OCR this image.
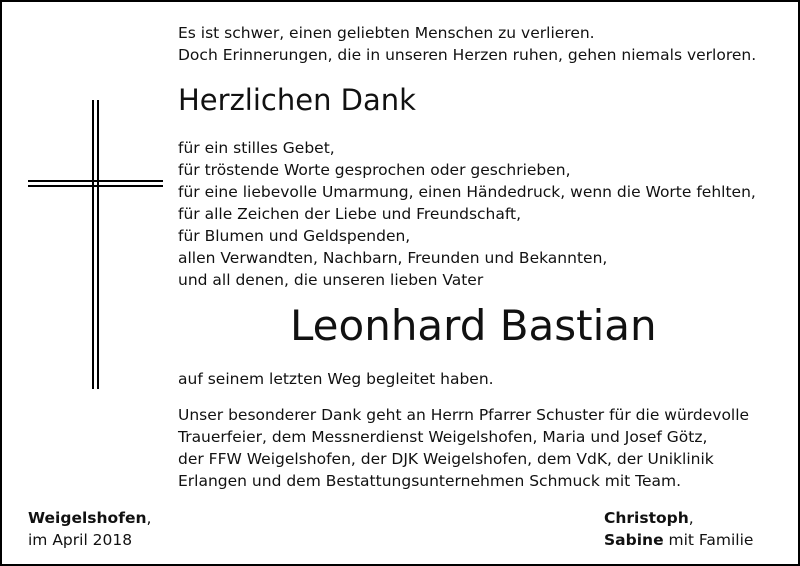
Es ist schwer, einen geliebten Menschen zu verlieren.
Doch Erinnerungen, die in unseren Herzen ruhen, gehen niemals verloren.
Herzlichen Dank
für ein stilles Gebet,
für tröstende Worte gesprochen oder geschrieben,
für eine liebevolle Umarmung, einen Händedruck, wenn die Worte fehlten,
für alle Zeichen der Liebe und Freundschaft,
für Blumen und Geldspenden,
allen Verwandten, Nachbarn, Freunden und Bekannten,
und all denen, die unseren lieben Vater
Leonhard Bastian
auf seinem letzten Weg begleitet haben.
Unser besonderer Dank geht an Herrn Pfarrer Schuster für die würdevolle
Trauerfeier, dem Messnerdienst Weigelshofen, Maria und Josef Götz,
der FFW Weigelshofen, der DJK Weigelshofen, dem VdK, der Uniklinik
Erlangen und dem Bestattungsunternehmen Schmuck mit Team.
Weigelshofen,
im April 2018
Christoph,
Sabine mit Familie
